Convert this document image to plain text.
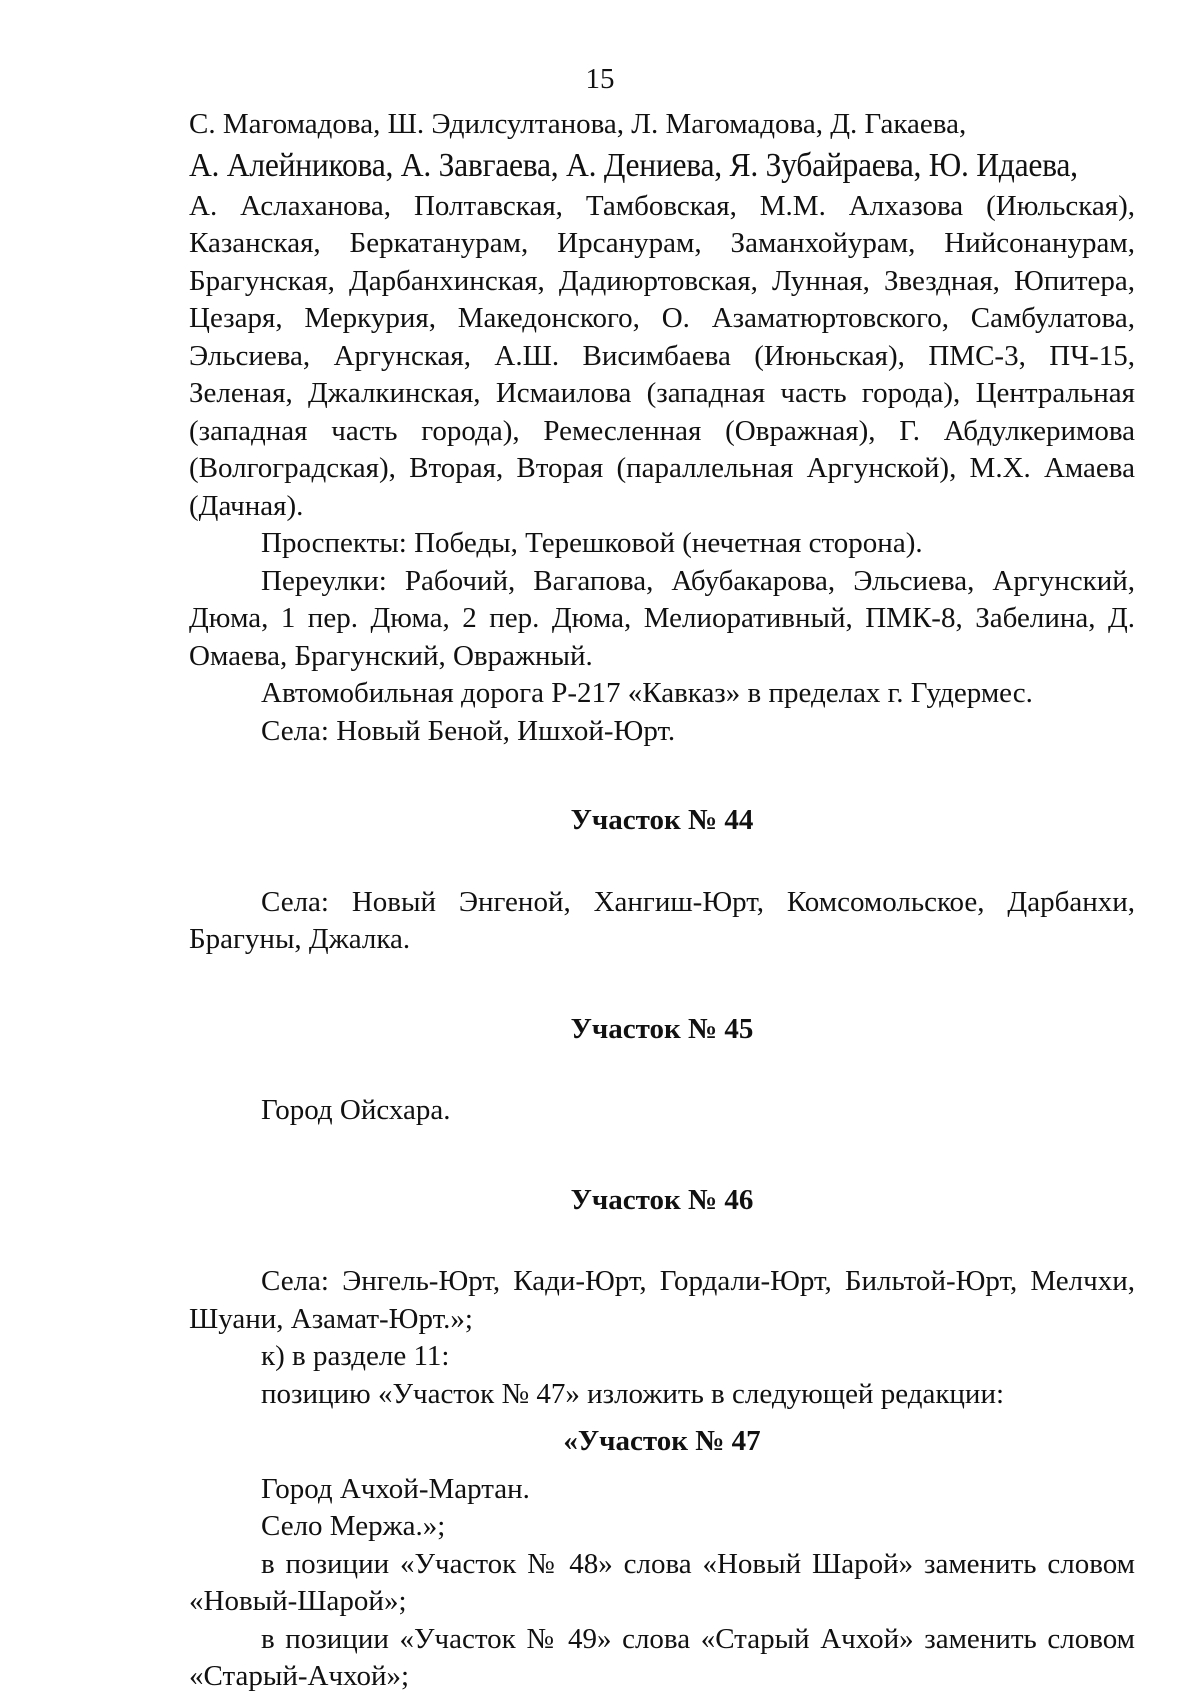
15

С. Магомадова, Ш. Эдилсултанова, Л. Магомадова, Д. Гакаева,

А. Алейникова, А. Завгаева, А. Дениева, Я. Зубайраева, Ю. Идаева,

А. Аслаханова, Полтавская, Тамбовская, М.М. Алхазова (Июльская), Казанская, Беркатанурам, Ирсанурам, Заманхойурам, Нийсонанурам, Брагунская, Дарбанхинская, Дадиюртовская, Лунная, Звездная, Юпитера, Цезаря, Меркурия, Македонского, О. Азаматюртовского, Самбулатова, Эльсиева, Аргунская, А.Ш. Висимбаева (Июньская), ПМС-3, ПЧ-15, Зеленая, Джалкинская, Исмаилова (западная часть города), Центральная (западная часть города), Ремесленная (Овражная), Г. Абдулкеримова (Волгоградская), Вторая, Вторая (параллельная Аргунской), М.Х. Амаева (Дачная).

Проспекты: Победы, Терешковой (нечетная сторона).

Переулки: Рабочий, Вагапова, Абубакарова, Эльсиева, Аргунский, Дюма, 1 пер. Дюма, 2 пер. Дюма, Мелиоративный, ПМК-8, Забелина, Д. Омаева, Брагунский, Овражный.

Автомобильная дорога Р-217 «Кавказ» в пределах г. Гудермес.

Села: Новый Беной, Ишхой-Юрт.

Участок № 44

Села: Новый Энгеной, Хангиш-Юрт, Комсомольское, Дарбанхи, Брагуны, Джалка.

Участок № 45

Город Ойсхара.

Участок № 46

Села: Энгель-Юрт, Кади-Юрт, Гордали-Юрт, Бильтой-Юрт, Мелчхи, Шуани, Азамат-Юрт.»;

к) в разделе 11:

позицию «Участок № 47» изложить в следующей редакции:

«Участок № 47

Город Ачхой-Мартан.

Село Мержа.»;

в позиции «Участок № 48» слова «Новый Шарой» заменить словом «Новый-Шарой»;

в позиции «Участок № 49» слова «Старый Ачхой» заменить словом «Старый-Ачхой»;
